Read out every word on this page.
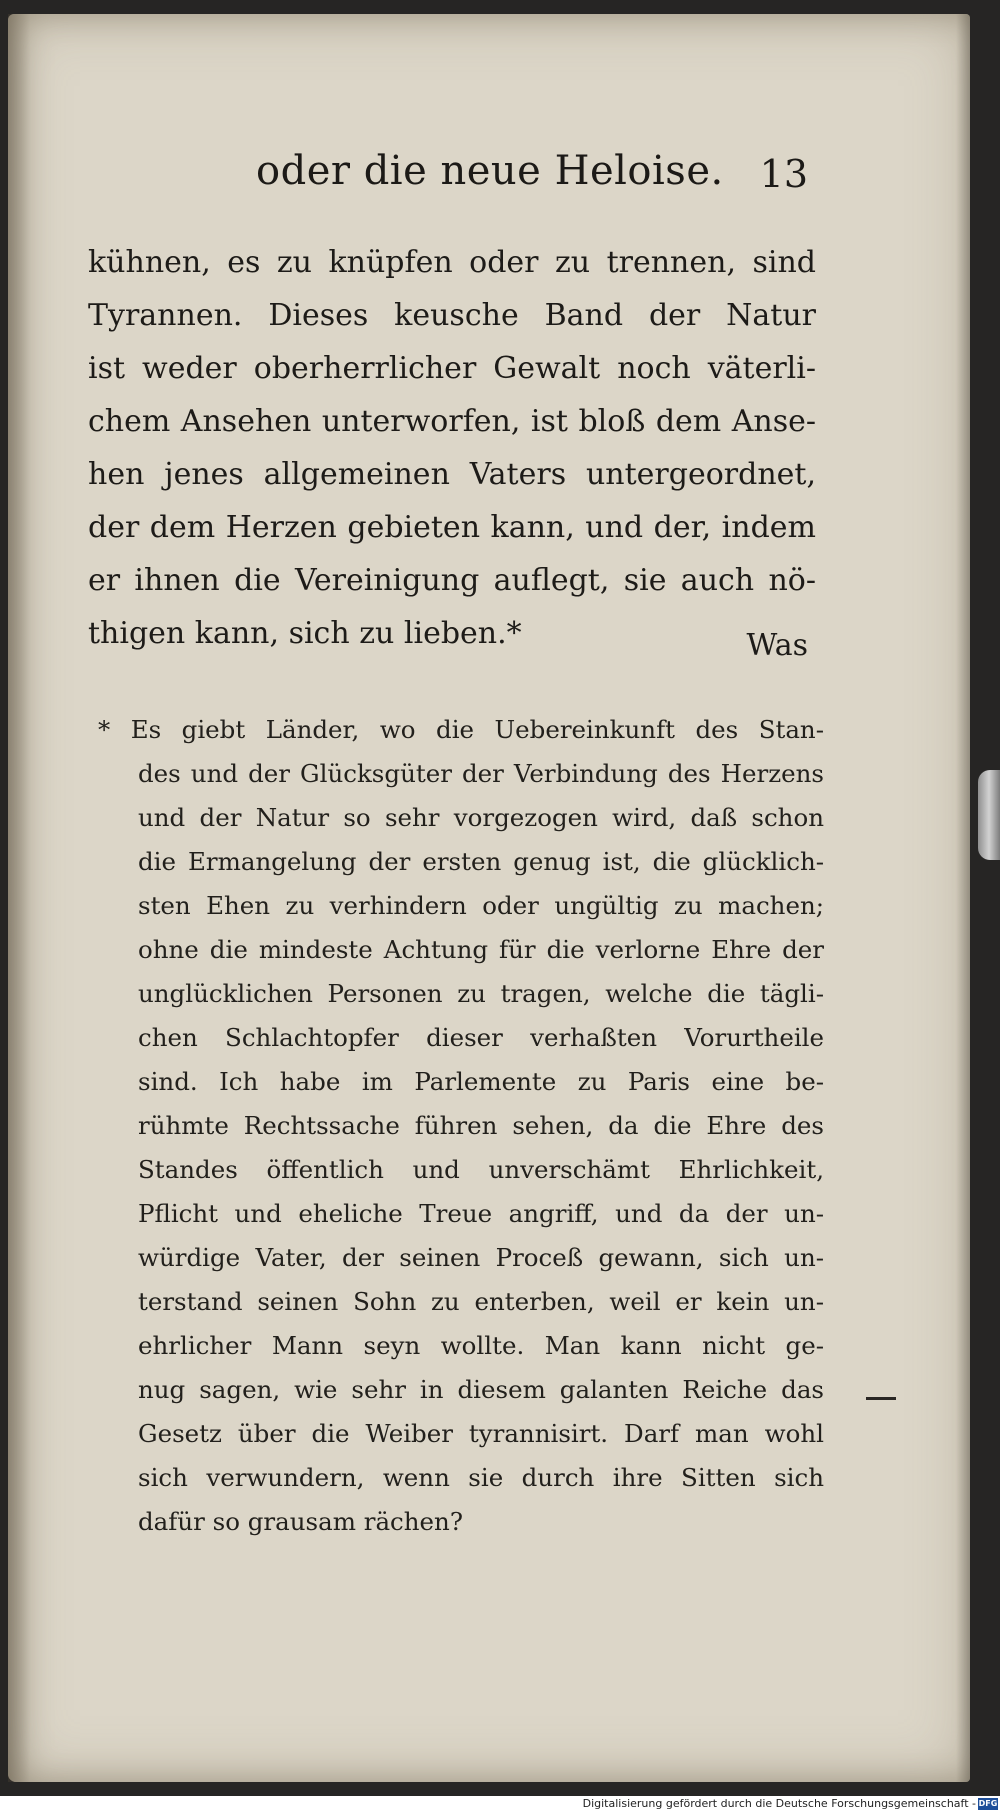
oder die neue Heloise. 13
kühnen, es zu knüpfen oder zu trennen, sind
Tyrannen. Dieses keusche Band der Natur
ist weder oberherrlicher Gewalt noch väterli-
chem Ansehen unterworfen, ist bloß dem Anse-
hen jenes allgemeinen Vaters untergeordnet,
der dem Herzen gebieten kann, und der, indem
er ihnen die Vereinigung auflegt, sie auch nö-
thigen kann, sich zu lieben.*	Was
* Es giebt Länder, wo die Uebereinkunft des Stan-
des und der Glücksgüter der Verbindung des Herzens
und der Natur so sehr vorgezogen wird, daß schon
die Ermangelung der ersten genug ist, die glücklich-
sten Ehen zu verhindern oder ungültig zu machen;
ohne die mindeste Achtung für die verlorne Ehre der
unglücklichen Personen zu tragen, welche die tägli-
chen Schlachtopfer dieser verhaßten Vorurtheile
sind. Ich habe im Parlemente zu Paris eine be-
rühmte Rechtssache führen sehen, da die Ehre des
Standes öffentlich und unverschämt Ehrlichkeit,
Pflicht und eheliche Treue angriff, und da der un-
würdige Vater, der seinen Proceß gewann, sich un-
terstand seinen Sohn zu enterben, weil er kein un-
ehrlicher Mann seyn wollte. Man kann nicht ge-
nug sagen, wie sehr in diesem galanten Reiche das
Gesetz über die Weiber tyrannisirt. Darf man wohl
sich verwundern, wenn sie durch ihre Sitten sich
dafür so grausam rächen?
Digitalisierung gefördert durch die Deutsche Forschungsgemeinschaft - DFG
